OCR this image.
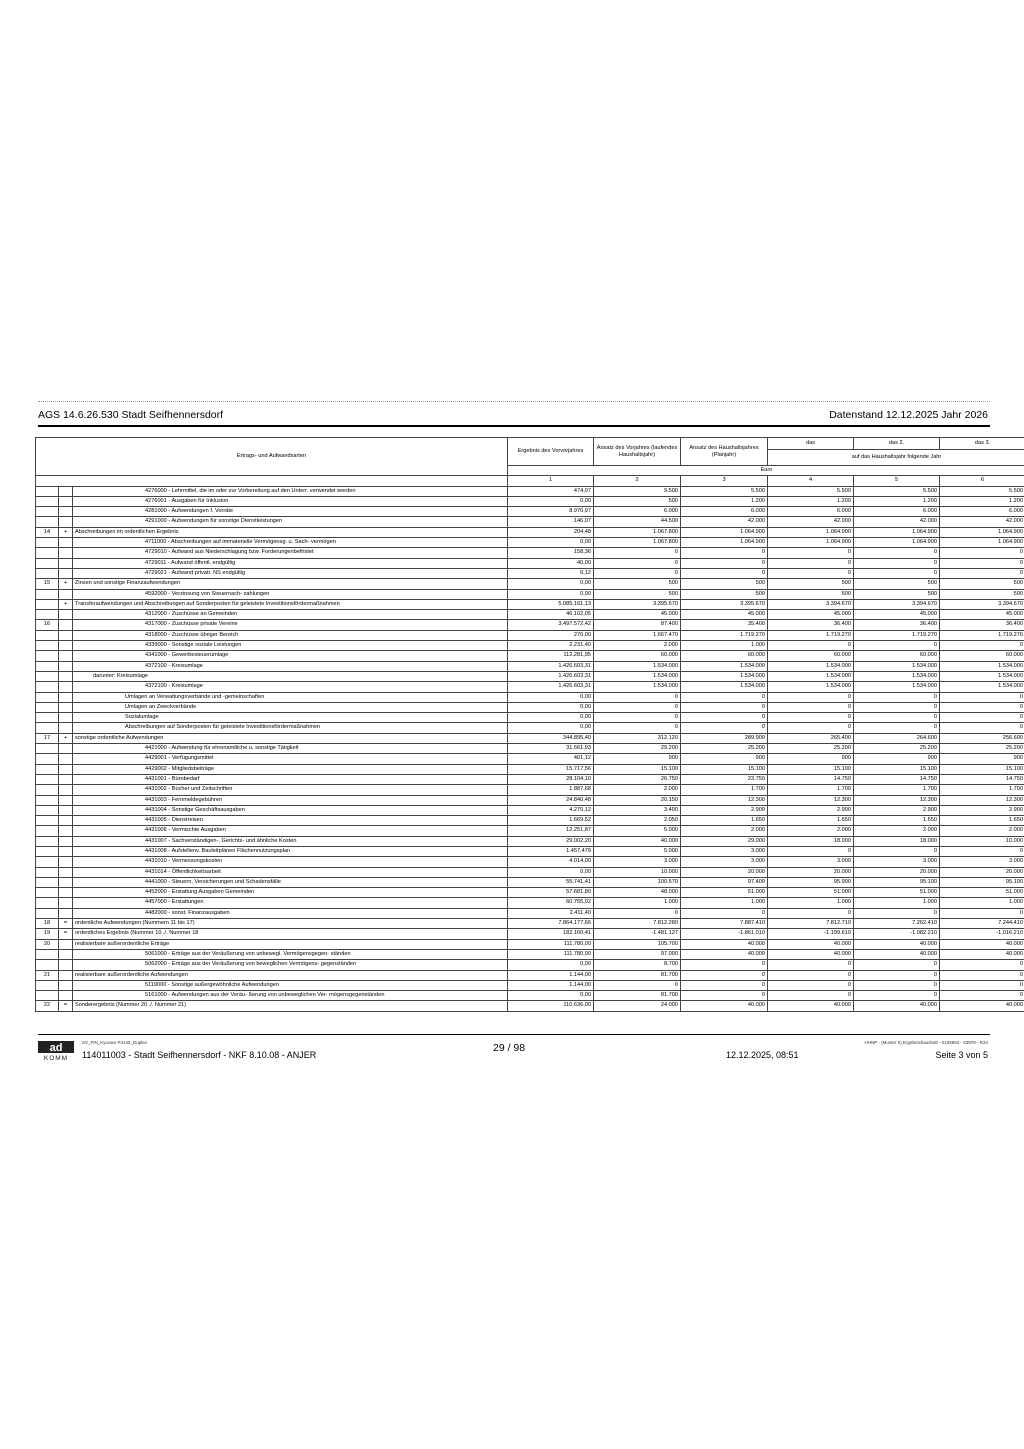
AGS 14.6.26.530 Stadt Seifhennersdorf	Datenstand 12.12.2025 Jahr 2026
Ertrags- und Aufwandsarten			Ergebnis des Vorvorjahres	Ansatz des Vorjahres (laufendes Haushaltsjahr)	Ansatz des Haushaltsjahres (Planjahr)	das	das 2.	das 3.
						auf das Haushaltsjahr folgende Jahr		
			Euro					
			1	2	3	4	5	6
		4276000 - Lehrmittel, die im oder zur Vorbereitung auf den Unterr. verwendet werden	474,07	9.500	5.500	5.500	5.500	5.500
		4276001 - Ausgaben für Inklusion	0,00	500	1.200	1.200	1.200	1.200
		4281000 - Aufwendungen f. Vorräte	8.970,97	6.000	6.000	6.000	6.000	6.000
		4291000 - Aufwendungen für sonstige Dienstleistungen	146,07	44.500	42.000	42.000	42.000	42.000
14	+	Abschreibungen im ordentlichen Ergebnis	204,48	1.067.800	1.064.900	1.064.900	1.064.900	1.064.900
		4711000 - Abschreibungen auf immaterielle Vermögensg. u. Sach- vermögen	0,00	1.067.800	1.064.900	1.064.900	1.064.900	1.064.900
		4729010 - Aufwand aus Niederschlagung bzw. Forderungenbefristet	158,36	0	0	0	0	0
		4729011 - Aufwand öffentl. endgültig	40,00	0	0	0	0	0
		4729021 - Aufwand privatr. NS endgültig	6,12	0	0	0	0	0
15	+	Zinsen und sonstige Finanzaufwendungen	0,00	500	500	500	500	500
		4592000 - Verzinsung von Steuernach- zahlungen	0,00	500	500	500	500	500
	+	Transferaufwendungen und Abschreibungen auf Sonderposten für geleistete Investitionsfördermaßnahmen	5.085.161,13	3.395.670	3.395.670	3.394.670	3.394.670	3.394.670
		4312000 - Zuschüsse an Gemeinden	46.102,05	45.000	45.000	45.000	45.000	45.000
16		4317000 - Zuschüsse private Vereine	3.497.572,42	87.400	35.400	36.400	36.400	36.400
		4318000 - Zuschüsse übriger Bereich	270,00	1.667.470	1.719.270	1.719.270	1.719.270	1.719.270
		4339000 - Sonstige soziale Leistungen	2.231,40	2.000	1.000	0	0	0
		4341000 - Gewerbesteuerumlage	112.281,95	60.000	60.000	60.000	60.000	60.000
		4372100 - Kreisumlage	1.426.603,31	1.534.000	1.534.000	1.534.000	1.534.000	1.534.000
		darunter: Kreisumlage	1.426.603,31	1.534.000	1.534.000	1.534.000	1.534.000	1.534.000
		4372100 - Kreisumlage	1.426.603,31	1.534.000	1.534.000	1.534.000	1.534.000	1.534.000
		Umlagen an Verwaltungsverbände und -gemeinschaften	0,00	0	0	0	0	0
		Umlagen an Zweckverbände	0,00	0	0	0	0	0
		Sozialumlage	0,00	0	0	0	0	0
		Abschreibungen auf Sonderposten für geleistete Investitionsfördermaßnahmen	0,00	0	0	0	0	0
17	+	sonstige ordentliche Aufwendungen	344.895,40	312.120	289.900	265.400	264.600	256.600
		4421000 - Aufwendung für ehrenamtliche u. sonstige Tätigkeit	31.561,93	29.200	25.200	25.200	25.200	25.200
		4429001 - Verfügungsmittel	401,12	900	900	900	900	900
		4429002 - Mitgliedsbeiträge	15.717,56	15.100	15.100	15.100	15.100	15.100
		4431001 - Bürobedarf	28.104,10	26.750	23.750	14.750	14.750	14.750
		4431002 - Bücher und Zeitschriften	1.887,68	2.000	1.700	1.700	1.700	1.700
		4431003 - Fernmeldegebühren	24.840,48	20.150	12.300	12.300	12.300	12.300
		4431004 - Sonstige Geschäftsausgaben	4.270,12	3.400	2.900	2.900	2.900	2.900
		4431005 - Dienstreisen	1.669,52	2.050	1.650	1.650	1.650	1.650
		4431006 - Vermischte Ausgaben	12.251,87	5.000	2.000	2.000	2.000	2.000
		4431007 - Sachverständigen-, Gerichts- und ähnliche Kosten	29.002,20	40.000	29.000	18.000	18.000	10.000
		4431008 - Aufstellenv. Bauleitplänen Flächennutzungsplan	1.457,479	5.000	3.000	0	0	0
		4431010 - Vermessungskosten	4.014,00	3.000	3.000	3.000	3.000	3.000
		4431014 - Öffentlichkeitsarbeit	0,00	10.000	20.000	20.000	20.000	20.000
		4441000 - Steuern, Versicherungen und Schadensfälle	55.741,41	100.570	97.400	95.900	95.100	95.100
		4452000 - Erstattung Ausgaben Gemeinden	57.681,80	48.000	51.000	51.000	51.000	51.000
		4457000 - Erstattungen	60.755,02	1.000	1.000	1.000	1.000	1.000
		4482000 - sonst. Finanzausgaben	2.411,40	0	0	0	0	0
18	=	ordentliche Aufwendungen (Nummern 11 bis 17)	7.864.177,66	7.812.280	7.887.410	7.812.710	7.262.410	7.244.410
19	=	ordentliches Ergebnis (Nummer 10 ./. Nummer 18	182.160,41	-1.481.127	-1.861.010	-1.199.610	-1.082.210	-1.016.210
20		realisierbare außerordentliche Erträge	111.780,00	105.700	40.000	40.000	40.000	40.000
		5061000 - Erträge aus der Veräußerung von unbewegl. Vermögensgegen- ständen	111.780,00	97.000	40.000	40.000	40.000	40.000
		5062000 - Erträge aus der Veräußerung von beweglichen Vermögens- gegenständen	0,00	8.700	0	0	0	0
21		realisierbare außerordentliche Aufwendungen	1.144,00	81.700	0	0	0	0
		5119000 - Sonstige außergewöhnliche Aufwendungen	1.144,00	0	0	0	0	0
		5161000 - Aufwendungen aus der Veräu- ßerung von unbeweglichen Ver- mögensgegenständen	0,00	81.700	0	0	0	0
22	=	Sonderergebnis (Nummer 20 ./. Nummer 21)	110.636,00	24.000	40.000	40.000	40.000	40.000
ad
KOMM
SV_FIN_Kyoowo P3145_Duplex
114011003 - Stadt Seifhennersdorf - NKF 8.10.08 - ANJER
29 / 98
12.12.2025, 08:51
HHNP - (Muster 5) Ergebnishaushalt - 0105584 - 53978 - R34
Seite 3 von 5
